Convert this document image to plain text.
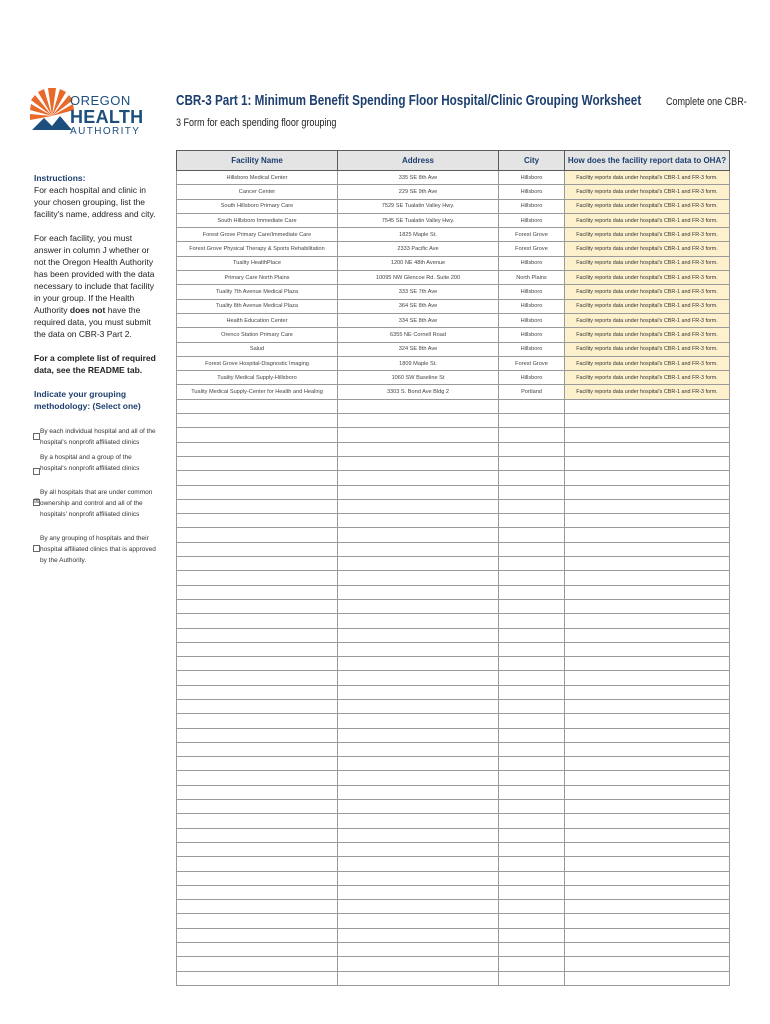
OREGON
HEALTH
AUTHORITY
CBR-3 Part 1: Minimum Benefit Spending Floor Hospital/Clinic Grouping Worksheet Complete one CBR-
3 Form for each spending floor grouping

Instructions:

For each hospital and clinic in your chosen grouping, list the facility's name, address and city.

For each facility, you must answer in column J whether or not the Oregon Health Authority has been provided with the data necessary to include that facility in your group. If the Health Authority does not have the required data, you must submit the data on CBR-3 Part 2.

For a complete list of required data, see the README tab.

Indicate your grouping methodology: (Select one)
By each individual hospital and all of the hospital's nonprofit affiliated clinics
By a hospital and a group of the hospital's nonprofit affiliated clinics
☒
By all hospitals that are under common ownership and control and all of the hospitals' nonprofit affiliated clinics
By any grouping of hospitals and their hospital affiliated clinics that is approved by the Authority.
Facility Name	Address	City	How does the facility report data to OHA?
Hillsboro Medical Center	335 SE 8th Ave	Hillsboro	Facility reports data under hospital's CBR-1 and FR-3 form.
Cancer Center	229 SE 9th Ave	Hillsboro	Facility reports data under hospital's CBR-1 and FR-3 form.
South Hillsboro Primary Care	7529 SE Tualatin Valley Hwy.	Hillsboro	Facility reports data under hospital's CBR-1 and FR-3 form.
South Hillsboro Immediate Care	7545 SE Tualatin Valley Hwy.	Hillsboro	Facility reports data under hospital's CBR-1 and FR-3 form.
Forest Grove Primary Care/Immediate Care	1825 Maple St.	Forest Grove	Facility reports data under hospital's CBR-1 and FR-3 form.
Forest Grove Physical Therapy & Sports Rehabilitation	2333 Pacific Ave	Forest Grove	Facility reports data under hospital's CBR-1 and FR-3 form.
Tuality HealthPlace	1200 NE 48th Avenue	Hillsboro	Facility reports data under hospital's CBR-1 and FR-3 form.
Primary Care North Plains	10095 NW Glencoe Rd. Suite 200	North Plains	Facility reports data under hospital's CBR-1 and FR-3 form.
Tuality 7th Avenue Medical Plaza	333 SE 7th Ave	Hillsboro	Facility reports data under hospital's CBR-1 and FR-3 form.
Tuality 8th Avenue Medical Plaza	364 SE 8th Ave	Hillsboro	Facility reports data under hospital's CBR-1 and FR-3 form.
Health Education Center	334 SE 8th Ave	Hillsboro	Facility reports data under hospital's CBR-1 and FR-3 form.
Orenco Station Primary Care	6355 NE Cornell Road	Hillsboro	Facility reports data under hospital's CBR-1 and FR-3 form.
Salud	324 SE 8th Ave	Hillsboro	Facility reports data under hospital's CBR-1 and FR-3 form.
Forest Grove Hospital-Diagnostic Imaging	1809 Maple St.	Forest Grove	Facility reports data under hospital's CBR-1 and FR-3 form.
Tuality Medical Supply-Hillsboro	1060 SW Baseline St	Hillsboro	Facility reports data under hospital's CBR-1 and FR-3 form.
Tuality Medical Supply-Center for Health and Healing	3303 S. Bond Ave Bldg 2	Portland	Facility reports data under hospital's CBR-1 and FR-3 form.
